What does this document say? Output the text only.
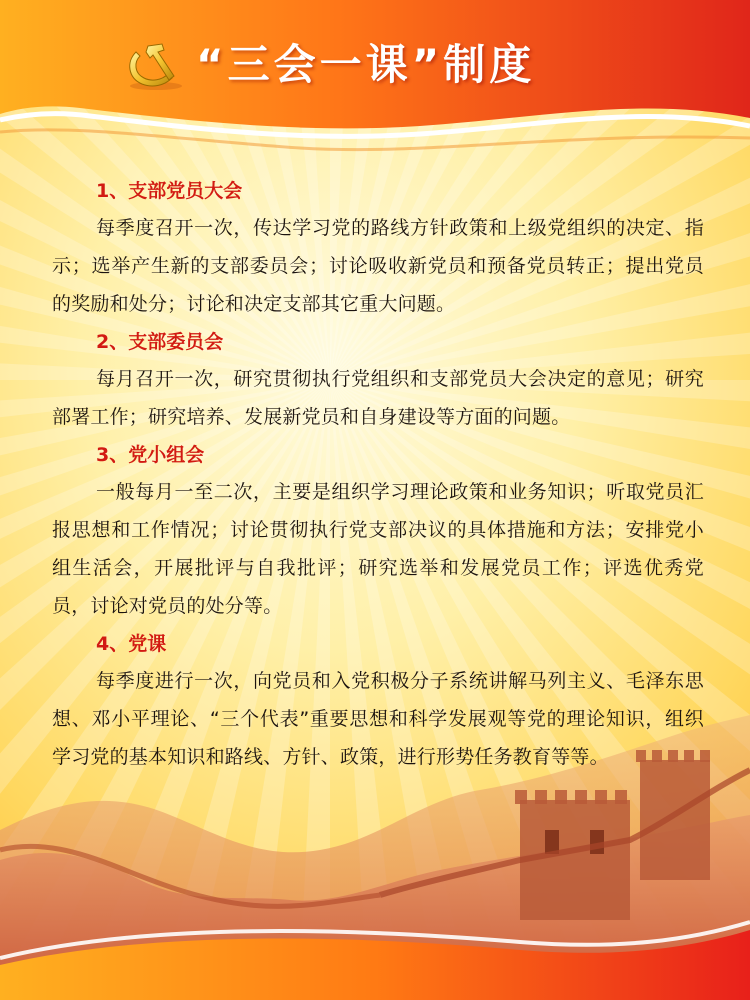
“三会一课”制度
1、支部党员大会

每季度召开一次，传达学习党的路线方针政策和上级党组织的决定、指示；选举产生新的支部委员会；讨论吸收新党员和预备党员转正；提出党员的奖励和处分；讨论和决定支部其它重大问题。

2、支部委员会

每月召开一次，研究贯彻执行党组织和支部党员大会决定的意见；研究部署工作；研究培养、发展新党员和自身建设等方面的问题。

3、党小组会

一般每月一至二次，主要是组织学习理论政策和业务知识；听取党员汇报思想和工作情况；讨论贯彻执行党支部决议的具体措施和方法；安排党小组生活会，开展批评与自我批评；研究选举和发展党员工作；评选优秀党员，讨论对党员的处分等。

4、党课

每季度进行一次，向党员和入党积极分子系统讲解马列主义、毛泽东思想、邓小平理论、“三个代表”重要思想和科学发展观等党的理论知识，组织学习党的基本知识和路线、方针、政策，进行形势任务教育等等。
